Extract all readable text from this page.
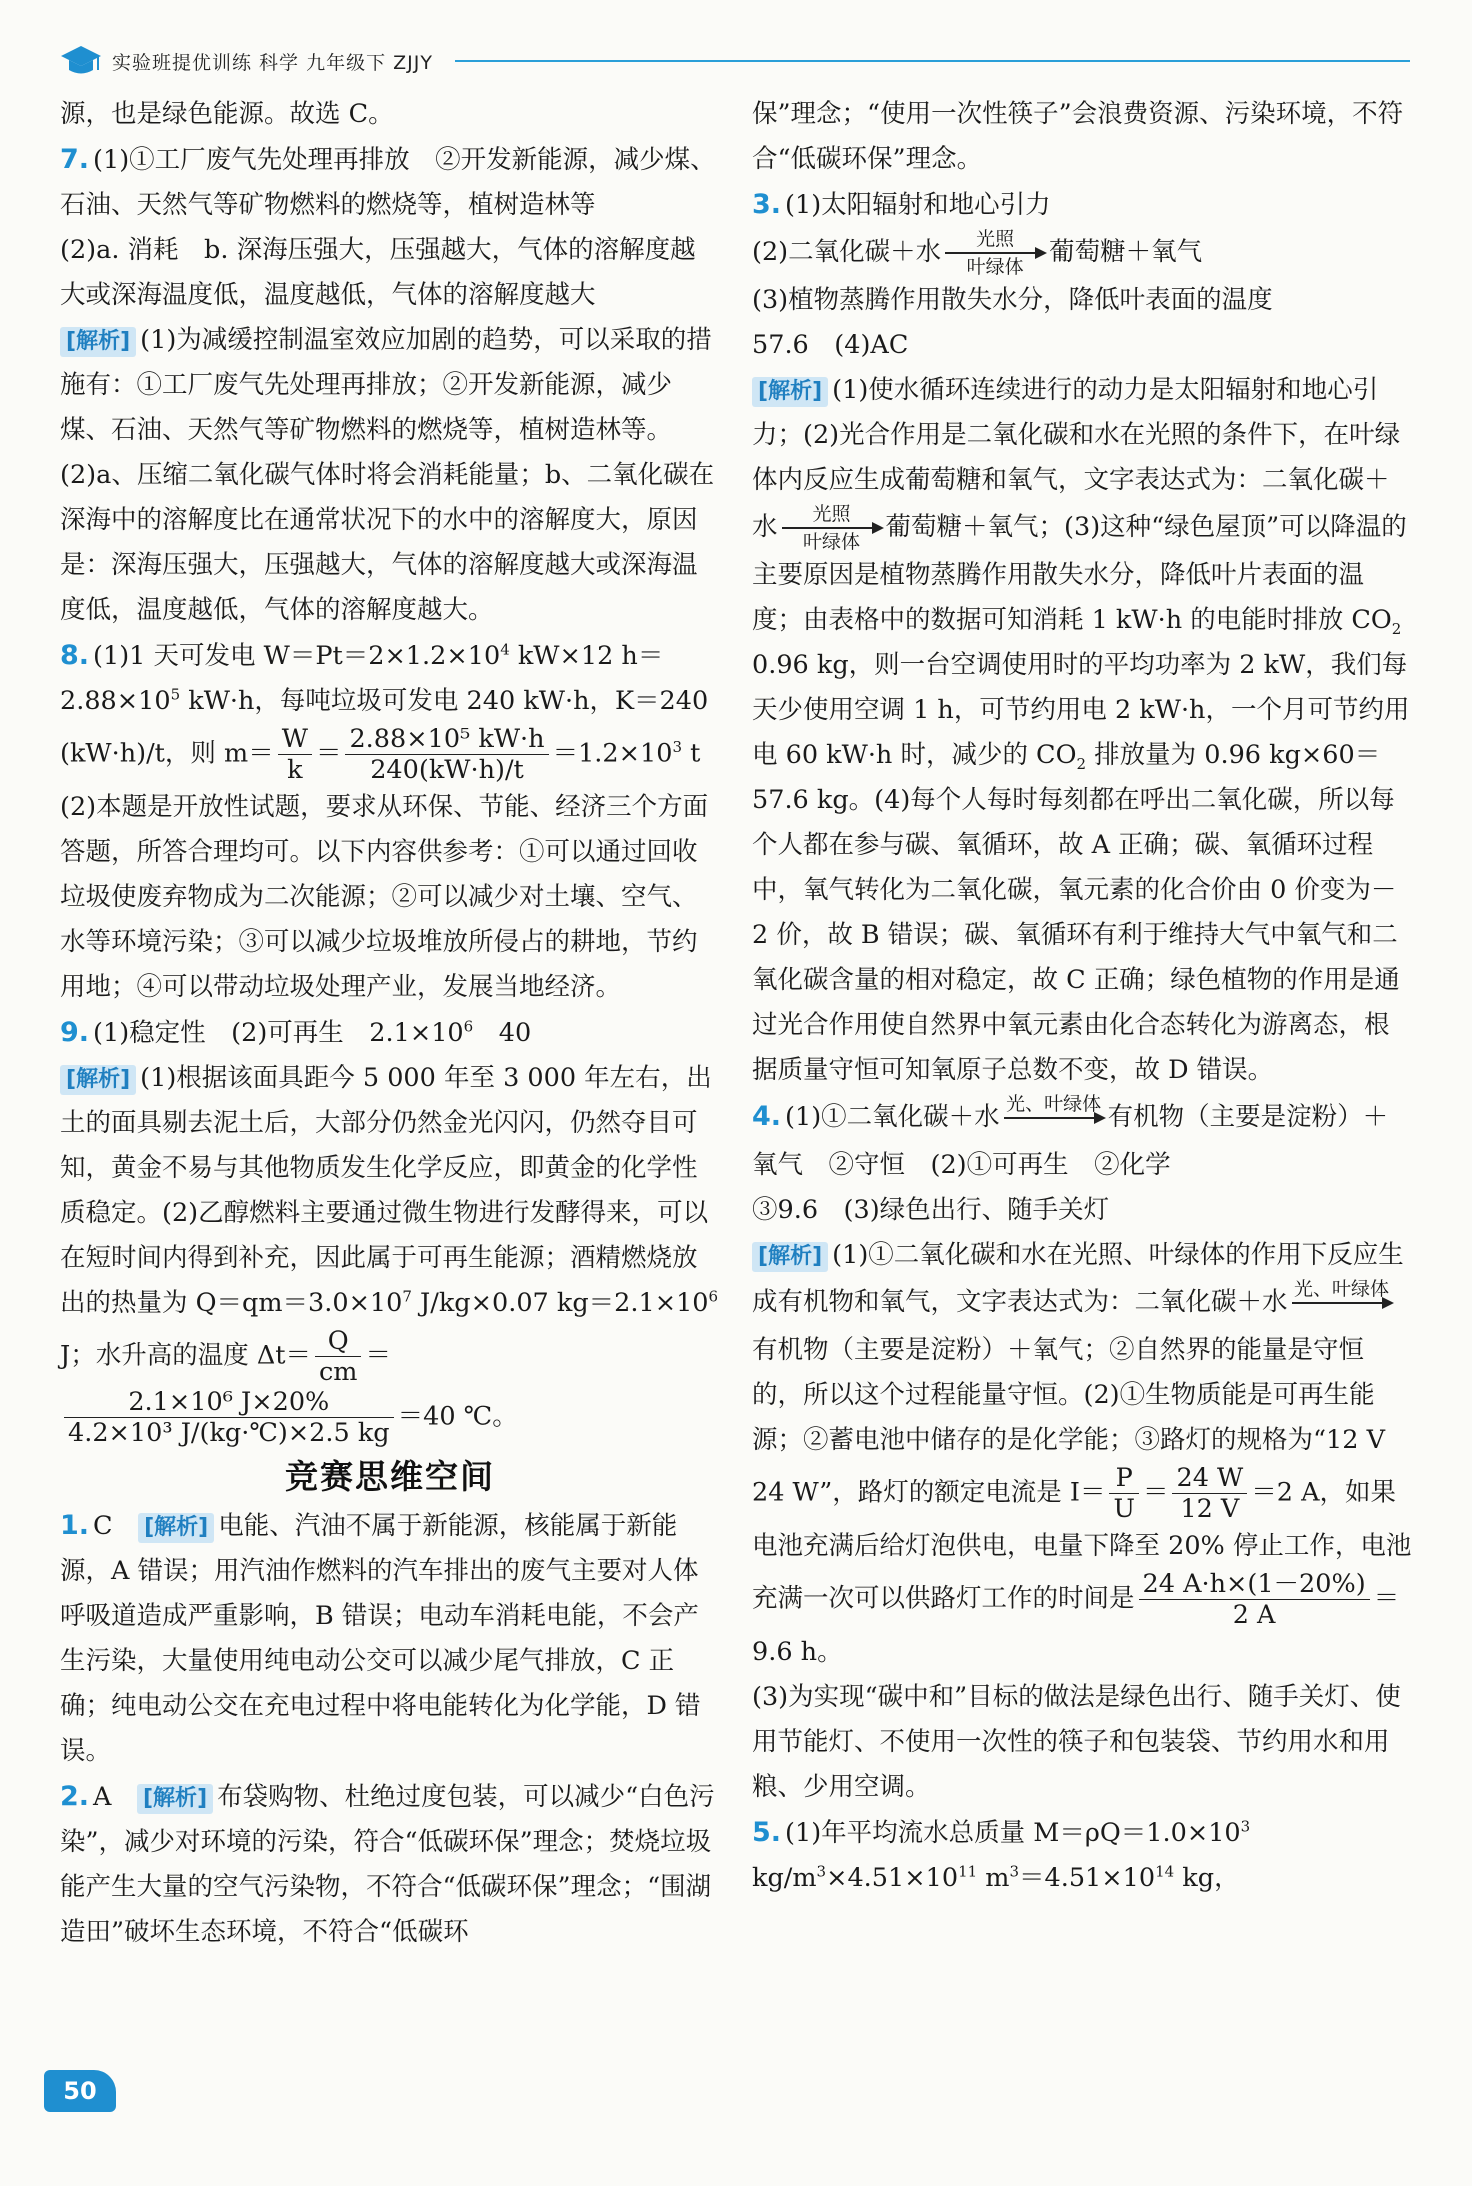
实验班提优训练 科学 九年级下 ZJJY

源，也是绿色能源。故选 C。

7. (1)①工厂废气先处理再排放　②开发新能源，减少煤、石油、天然气等矿物燃料的燃烧等，植树造林等

(2)a. 消耗　b. 深海压强大，压强越大，气体的溶解度越大或深海温度低，温度越低，气体的溶解度越大

[ 解析 ] (1)为减缓控制温室效应加剧的趋势，可以采取的措施有：①工厂废气先处理再排放；②开发新能源，减少煤、石油、天然气等矿物燃料的燃烧等，植树造林等。(2)a、压缩二氧化碳气体时将会消耗能量；b、二氧化碳在深海中的溶解度比在通常状况下的水中的溶解度大，原因是：深海压强大，压强越大，气体的溶解度越大或深海温度低，温度越低，气体的溶解度越大。

8. (1)1 天可发电 $W=Pt=2\times 1.2\times 10^4$ kW×12 $h=2.88\times 10^5$ kW·h，每吨垃圾可发电 240 kW·h，K＝240 (kW·h)/t，则 $m= \frac{W}{k} = \frac{\text{2.88×10⁵ kW·h}}{240(kW\cdot h)/t} =1.2\times 10^3$ t

(2)本题是开放性试题，要求从环保、节能、经济三个方面答题，所答合理均可。以下内容供参考：①可以通过回收垃圾使废弃物成为二次能源；②可以减少对土壤、空气、水等环境污染；③可以减少垃圾堆放所侵占的耕地，节约用地；④可以带动垃圾处理产业，发展当地经济。

9. (1)稳定性　(2)可再生　$2.1\times 10^6$　40

[ 解析 ] (1)根据该面具距今 5 000 年至 3 000 年左右，出土的面具剔去泥土后，大部分仍然金光闪闪，仍然夺目可知，黄金不易与其他物质发生化学反应，即黄金的化学性质稳定。(2)乙醇燃料主要通过微生物进行发酵得来，可以在短时间内得到补充，因此属于可再生能源；酒精燃烧放出的热量为 $Q=qm=3.0\times 10^7$ J/kg×0.07 $kg=2.1\times 10^6$ J；水升高的温度 $\Delta t= \frac{Q}{cm}$ ＝
$\frac{\text{2.1×10⁶ J×20\%}}{\text{4.2×10³ J/(kg·℃)×2.5 kg}} =40$ ℃。

竞赛思维空间

1. C　 [ 解析 ] 电能、汽油不属于新能源，核能属于新能源，A 错误；用汽油作燃料的汽车排出的废气主要对人体呼吸道造成严重影响，B 错误；电动车消耗电能，不会产生污染，大量使用纯电动公交可以减少尾气排放，C 正确；纯电动公交在充电过程中将电能转化为化学能，D 错误。

2. A　 [ 解析 ] 布袋购物、杜绝过度包装，可以减少“白色污染”，减少对环境的污染，符合“低碳环保”理念；焚烧垃圾能产生大量的空气污染物，不符合“低碳环保”理念；“围湖造田”破坏生态环境，不符合“低碳环

保”理念；“使用一次性筷子”会浪费资源、污染环境，不符合“低碳环保”理念。

3. (1)太阳辐射和地心引力

(2)二氧化碳＋水	光照
叶绿体	葡萄糖＋氧气

(3)植物蒸腾作用散失水分，降低叶表面的温度

57.6　(4)AC

[ 解析 ] (1)使水循环连续进行的动力是太阳辐射和地心引力；(2)光合作用是二氧化碳和水在光照的条件下，在叶绿体内反应生成葡萄糖和氧气，文字表达式为：二氧化碳＋水	光照
叶绿体	葡萄糖＋氧气；(3)这种“绿色屋顶”可以降温的主要原因是植物蒸腾作用散失水分，降低叶片表面的温度；由表格中的数据可知消耗 1 kW·h 的电能时排放 $CO_2$ 0.96 kg，则一台空调使用时的平均功率为 2 kW，我们每天少使用空调 1 h，可节约用电 2 kW·h，一个月可节约用电 60 kW·h 时，减少的 $CO_2$ 排放量为 0.96 kg×60＝57.6 kg。(4)每个人每时每刻都在呼出二氧化碳，所以每个人都在参与碳、氧循环，故 A 正确；碳、氧循环过程中，氧气转化为二氧化碳，氧元素的化合价由 0 价变为－2 价，故 B 错误；碳、氧循环有利于维持大气中氧气和二氧化碳含量的相对稳定，故 C 正确；绿色植物的作用是通过光合作用使自然界中氧元素由化合态转化为游离态，根据质量守恒可知氧原子总数不变，故 D 错误。

4. (1)①二氧化碳＋水 光、叶绿体
有机物（主要是淀粉）＋氧气　②守恒　(2)①可再生　②化学

③9.6　(3)绿色出行、随手关灯

[ 解析 ] (1)①二氧化碳和水在光照、叶绿体的作用下反应生成有机物和氧气，文字表达式为：二氧化碳＋水 光、叶绿体

有机物（主要是淀粉）＋氧气；②自然界的能量是守恒的，所以这个过程能量守恒。(2)①生物质能是可再生能源；②蓄电池中储存的是化学能；③路灯的规格为“12 V　24 W”，路灯的额定电流是 $I= \frac{P}{U} = \frac{24 W}{12 V} =2$ A，如果电池充满后给灯泡供电，电量下降至 20% 停止工作，电池充满一次可以供路灯工作的时间是 $\frac{24 A\cdot h\times(1-20\%)}{2 A} =9.6$ h。

(3)为实现“碳中和”目标的做法是绿色出行、随手关灯、使用节能灯、不使用一次性的筷子和包装袋、节约用水和用粮、少用空调。

5. (1)年平均流水总质量 $M=\rho Q=1.0\times 10^3$ $kg/m^3\times 4.51\times 10^{11}$ $m^3=4.51\times 10^{14}$ kg，

50
